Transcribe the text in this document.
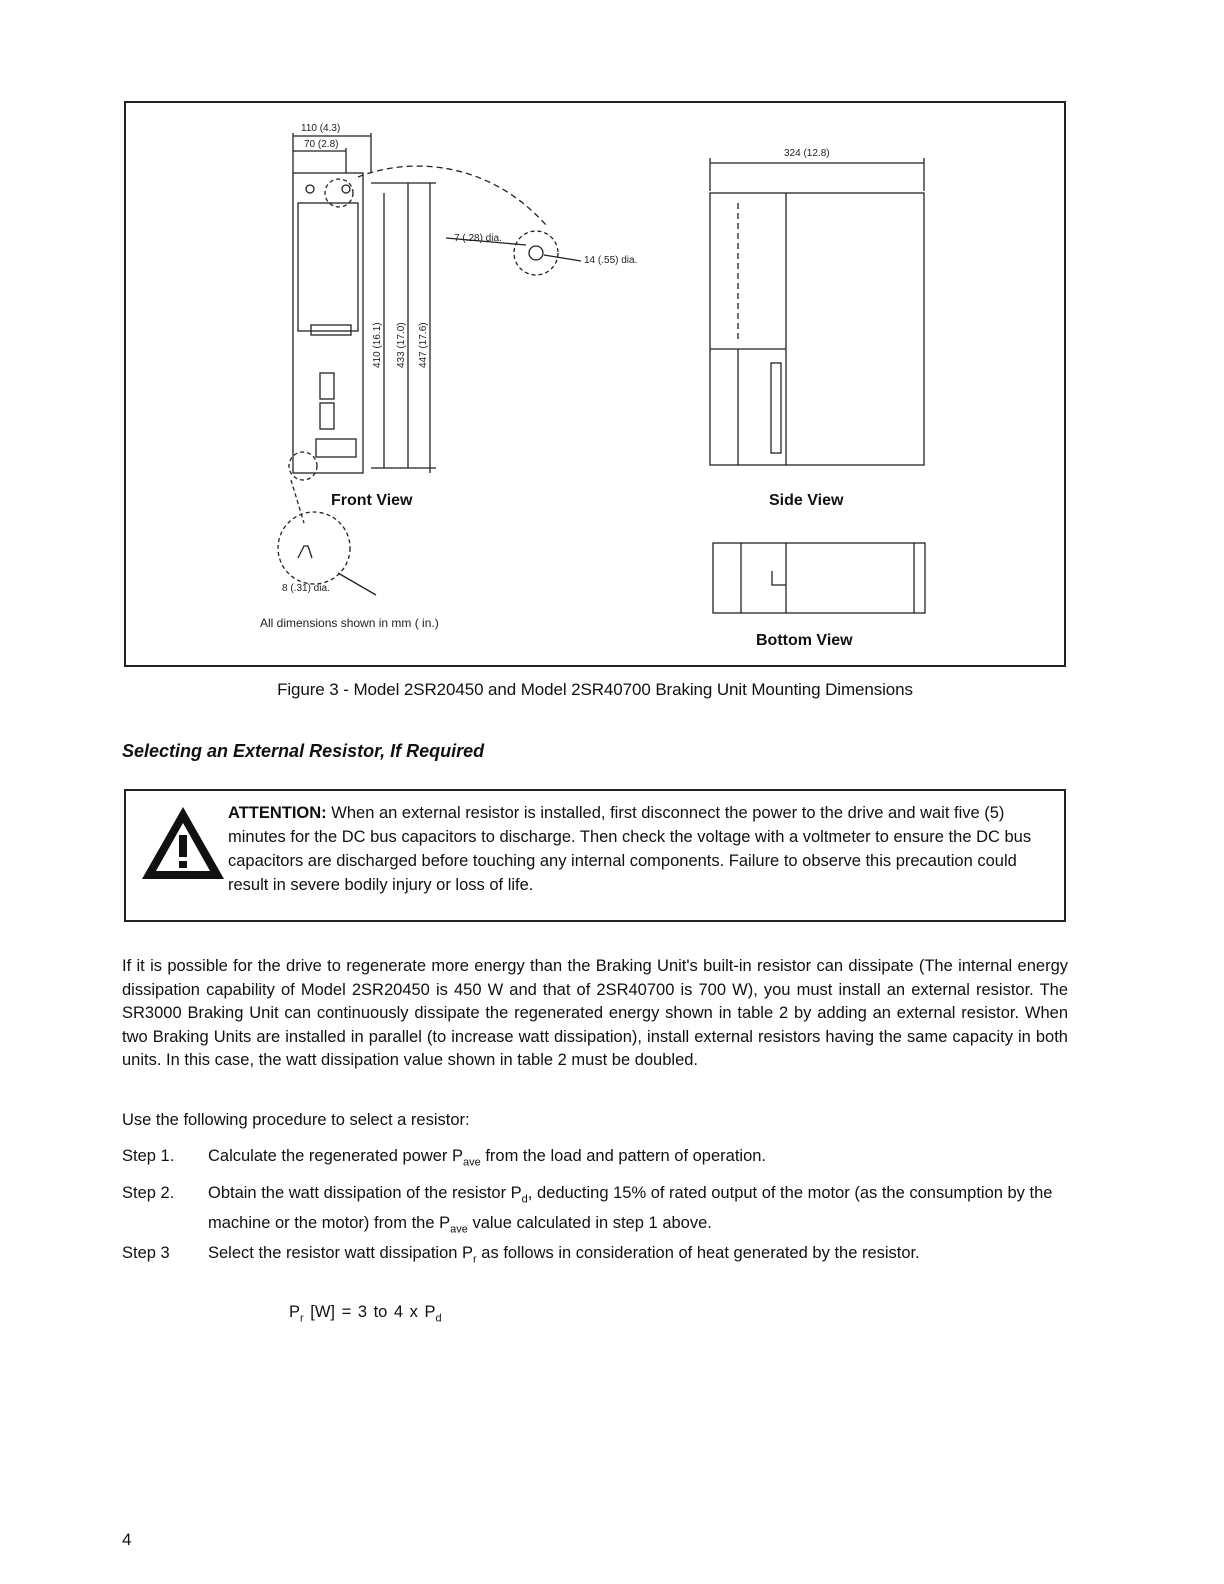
110 (4.3)
70 (2.8)
324 (12.8)
7 (.28) dia.
14 (.55) dia.
8 (.31) dia.
410 (16.1) 433 (17.0) 447 (17.6)
Front View	Side View
Bottom View
All dimensions shown in mm ( in.)
Figure 3 - Model 2SR20450 and Model 2SR40700 Braking Unit Mounting Dimensions
Selecting an External Resistor, If Required
ATTENTION: When an external resistor is installed, first disconnect the power to the drive and wait five (5) minutes for the DC bus capacitors to discharge. Then check the voltage with a voltmeter to ensure the DC bus capacitors are discharged before touching any internal components. Failure to observe this precaution could result in severe bodily injury or loss of life.
If it is possible for the drive to regenerate more energy than the Braking Unit's built-in resistor can dissipate (The internal energy dissipation capability of Model 2SR20450 is 450 W and that of 2SR40700 is 700 W), you must install an external resistor. The SR3000 Braking Unit can continuously dissipate the regenerated energy shown in table 2 by adding an external resistor. When two Braking Units are installed in parallel (to increase watt dissipation), install external resistors having the same capacity in both units. In this case, the watt dissipation value shown in table 2 must be doubled.
Use the following procedure to select a resistor:
Step 1. Calculate the regenerated power $P_{ave}$ from the load and pattern of operation.
Step 2. Obtain the watt dissipation of the resistor $P_d$, deducting 15% of rated output of the motor (as the consumption by the machine or the motor) from the $P_{ave}$ value calculated in step 1 above.
Step 3 Select the resistor watt dissipation $P_r$ as follows in consideration of heat generated by the resistor.
$P_r$ [W] = 3 to 4 x $P_d$
4
